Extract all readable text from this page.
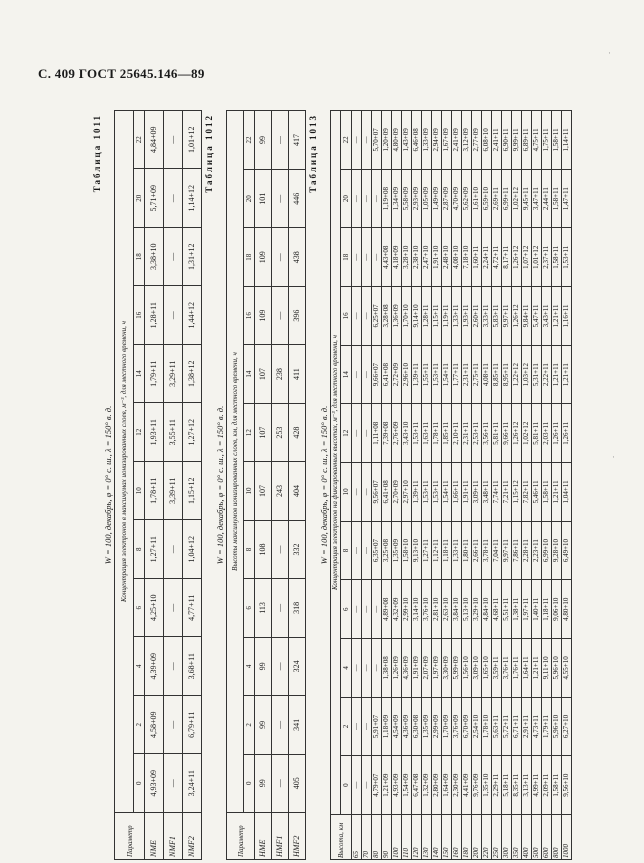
С. 409 ГОСТ 25645.146—89
·
·
Таблица 1011
W = 100, декабрь, φ = 0° с. ш., λ = 150° в. д.
Параметр	Концентрация электронов в максимумах ионизированных слоев, м⁻³, для местного времени, ч											
	0	2	4	6	8	10	12	14	16	18	20	22
NME	4,93+09	4,58+09	4,39+09	4,25+10	1,27+11	1,78+11	1,93+11	1,79+11	1,28+11	3,38+10	5,71+09	4,84+09
NMF1	—	—	—	—	—	3,39+11	3,55+11	3,29+11	—	—	—	—
NMF2	3,24+11	6,79+11	3,68+11	4,77+11	1,04+12	1,15+12	1,27+12	1,38+12	1,44+12	1,31+12	1,14+12	1,01+12 Таблица 1012
W = 100, декабрь, φ = 0° с. ш., λ = 150° в. д.
Параметр	Высоты максимумов ионизированных слоев, км, для местного времени, ч											
	0	2	4	6	8	10	12	14	16	18	20	22
HME	99	99	99	113	108	107	107	107	109	109	101	99
HMF1	—	—	—	—	—	243	253	238	—	—	—	—
HMF2	405	341	324	318	332	404	428	411	396	438	446	417 Таблица 1013
W = 100, декабрь, φ = 0° с. ш., λ = 150° в. д.
Высота, км	Концентрация электронов на фиксированных высотах, м⁻³, для местного времени, ч											
	0	2	4	6	8	10	12	14	16	18	20	22
65	—	—	—	—	—	—	—	—	—	—	—	—
70	—	—	—	—	—	—	—	—	—	—	—	—
80	4,79+07	5,91+07	—	—	6,35+07	9,56+07	1,11+08	9,66+07	6,25+07	—	—	5,70+07
90	1,21+09	1,18+09	1,38+08	4,89+08	3,25+08	6,41+08	7,39+08	6,41+08	3,28+08	4,43+08	1,19+08	1,20+09
100	4,93+09	4,54+09	1,26+09	4,32+09	1,35+09	2,70+09	2,76+09	2,72+09	1,36+09	4,18+09	1,34+09	4,80+09
110	1,54+09	4,36+09	4,36+09	2,99+10	1,58+10	2,97+10	3,43+10	2,96+10	1,70+10	3,28+10	5,58+09	1,43+09
120	6,47+08	6,30+08	1,91+09	3,14+10	9,13+10	1,39+11	1,53+11	1,39+11	9,14+10	2,38+10	2,93+09	6,46+08
130	1,32+09	1,35+09	2,07+09	3,76+10	1,27+11	1,53+11	1,63+11	1,55+11	1,28+11	2,47+10	1,05+09	1,33+09
140	2,80+09	2,99+09	1,97+09	2,81+10	1,12+11	1,53+11	1,78+11	1,53+11	1,15+11	1,91+10	1,49+09	2,94+09
150	1,64+09	1,70+09	3,30+09	2,63+10	1,18+11	1,54+11	1,85+11	1,54+11	1,19+11	2,48+10	2,87+09	1,67+09
160	2,30+09	3,76+09	5,99+09	3,84+10	1,33+11	1,66+11	2,10+11	1,77+11	1,33+11	4,08+10	4,70+09	2,41+09
180	4,41+09	6,70+09	1,56+10	5,13+10	1,80+11	1,91+11	2,31+11	2,31+11	1,93+11	7,18+10	5,62+09	3,12+09
200	9,76+09	2,54+10	3,09+10	3,29+10	2,66+11	3,09+11	2,53+11	2,75+11	2,60+11	1,60+11	1,61+10	2,77+09
220	1,35+10	1,78+10	1,65+10	4,84+10	3,78+11	3,48+11	3,56+11	4,08+11	3,33+11	2,24+11	6,59+10	6,08+10
250	2,29+11	5,63+11	3,59+11	4,68+11	7,04+11	7,74+11	5,81+11	8,85+11	5,83+11	4,72+11	2,69+11	2,41+11
300	5,18+11	5,72+11	3,76+11	5,51+11	9,97+11	7,21+11	9,66+11	8,95+11	9,97+11	8,17+11	6,99+11	6,90+11
350	8,35+11	6,71+11	1,76+11	1,38+11	7,86+11	1,15+12	1,26+12	1,22+12	1,26+12	1,26+12	1,02+12	9,99+11
400	3,13+11	2,91+11	1,64+11	1,97+11	2,28+11	7,82+11	1,02+12	1,03+12	9,84+11	1,07+12	9,45+11	6,89+11
500	4,99+11	4,73+11	1,21+11	1,40+11	2,23+11	5,46+11	5,81+11	5,31+11	5,47+11	1,01+12	3,47+11	4,75+11
600	2,09+11	1,79+11	9,11+10	1,18+11	6,99+10	1,58+11	2,03+11	2,22+11	3,43+11	2,37+11	2,44+11	1,75+11
800	1,58+11	5,96+10	5,96+10	9,06+10	9,28+10	1,21+11	1,26+11	1,21+11	1,21+11	1,58+11	1,58+11	1,58+11
1000	9,56+10	6,27+10	4,55+10	4,80+10	6,49+10	1,04+11	1,26+11	1,21+11	1,16+11	1,53+11	1,47+11	1,14+11
